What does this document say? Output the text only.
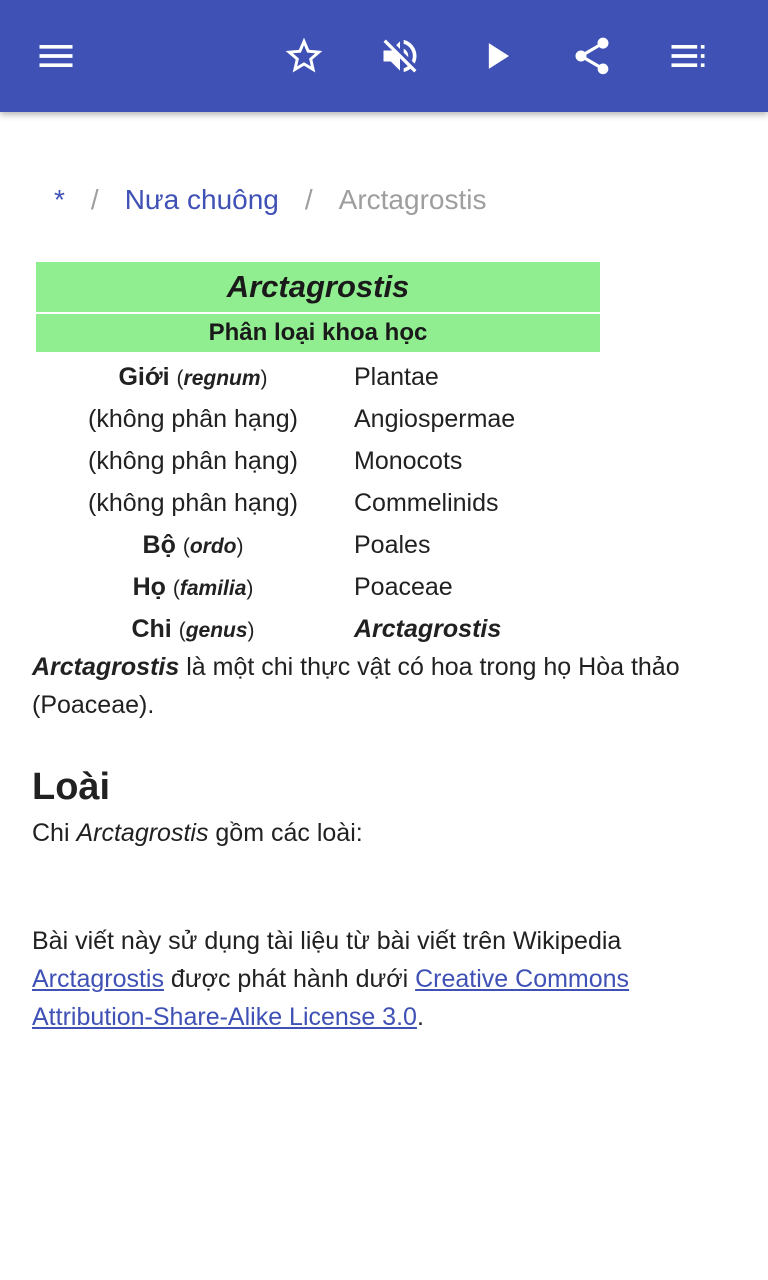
* / Nưa chuông / Arctagrostis
Arctagrostis
Phân loại khoa học
Giới (regnum)	Plantae
(không phân hạng)	Angiospermae
(không phân hạng)	Monocots
(không phân hạng)	Commelinids
Bộ (ordo)	Poales
Họ (familia)	Poaceae
Chi (genus)	Arctagrostis

Arctagrostis là một chi thực vật có hoa trong họ Hòa thảo (Poaceae).

Loài

Chi Arctagrostis gồm các loài:

Bài viết này sử dụng tài liệu từ bài viết trên Wikipedia Arctagrostis được phát hành dưới Creative Commons Attribution-Share-Alike License 3.0.
